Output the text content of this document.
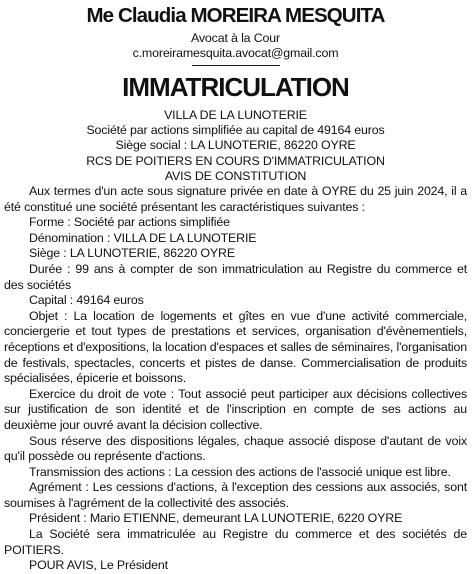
Me Claudia MOREIRA MESQUITA
Avocat à la Cour
c.moreiramesquita.avocat@gmail.com
IMMATRICULATION
VILLA DE LA LUNOTERIE
Société par actions simplifiée au capital de 49164 euros
Siège social : LA LUNOTERIE, 86220 OYRE
RCS DE POITIERS EN COURS D'IMMATRICULATION
AVIS DE CONSTITUTION

Aux termes d'un acte sous signature privée en date à OYRE du 25 juin 2024, il a été constitué une société présentant les caractéristiques suivantes :

Forme : Société par actions simplifiée

Dénomination : VILLA DE LA LUNOTERIE

Siège : LA LUNOTERIE, 86220 OYRE

Durée : 99 ans à compter de son immatriculation au Registre du commerce et des sociétés

Capital : 49164 euros

Objet : La location de logements et gîtes en vue d'une activité commerciale, conciergerie et tout types de prestations et services, organisation d'évènementiels, réceptions et d'expositions, la location d'espaces et salles de séminaires, l'organisation de festivals, spectacles, concerts et pistes de danse. Commercialisation de produits spécialisées, épicerie et boissons.

Exercice du droit de vote : Tout associé peut participer aux décisions collectives sur justification de son identité et de l'inscription en compte de ses actions au deuxième jour ouvré avant la décision collective.

Sous réserve des dispositions légales, chaque associé dispose d'autant de voix qu'il possède ou représente d'actions.

Transmission des actions : La cession des actions de l'associé unique est libre.

Agrément : Les cessions d'actions, à l'exception des cessions aux associés, sont soumises à l'agrément de la collectivité des associés.

Président : Mario ETIENNE, demeurant LA LUNOTERIE, 6220 OYRE

La Société sera immatriculée au Registre du commerce et des sociétés de POITIERS.

POUR AVIS, Le Président
